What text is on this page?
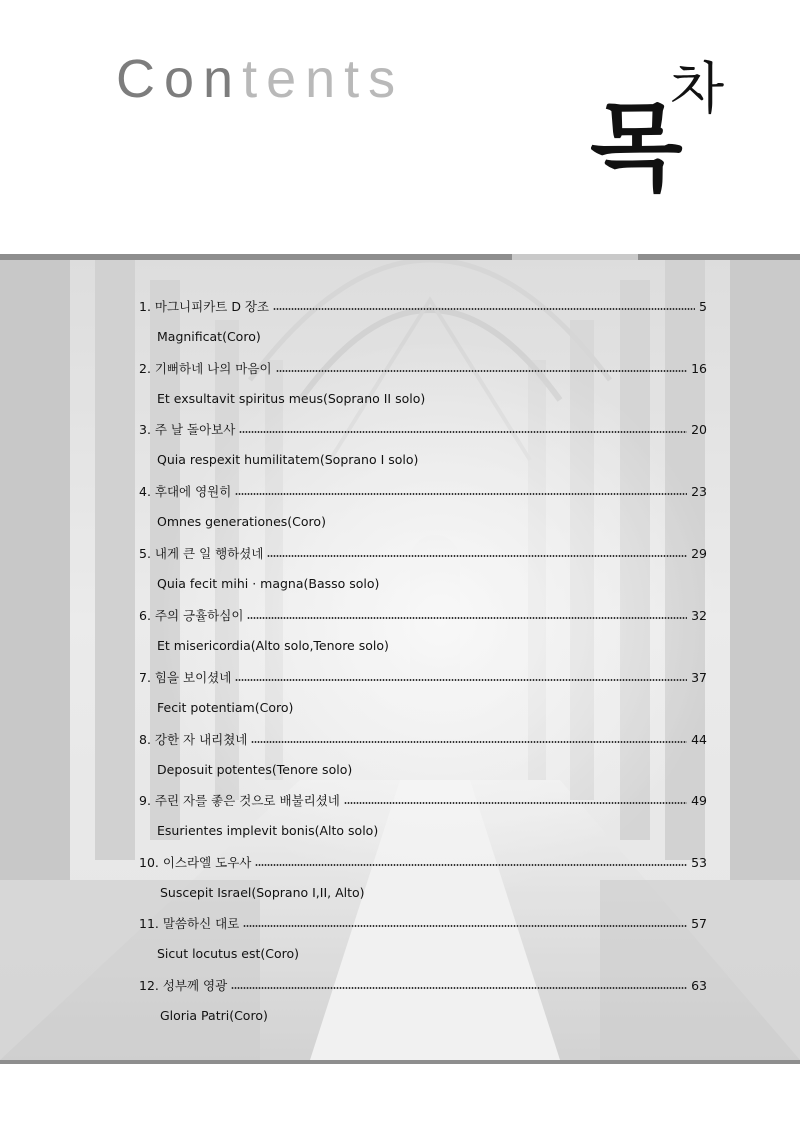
Contents
목
차
1. 마그니피카트 D 장조	5
Magnificat(Coro)
2. 기뻐하네 나의 마음이	16
Et exsultavit spiritus meus(Soprano II solo)
3. 주 날 돌아보사	20
Quia respexit humilitatem(Soprano I solo)
4. 후대에 영원히	23
Omnes generationes(Coro)
5. 내게 큰 일 행하셨네	29
Quia fecit mihi · magna(Basso solo)
6. 주의 긍휼하심이	32
Et misericordia(Alto solo,Tenore solo)
7. 힘을 보이셨네	37
Fecit potentiam(Coro)
8. 강한 자 내리쳤네	44
Deposuit potentes(Tenore solo)
9. 주린 자를 좋은 것으로 배불리셨네	49
Esurientes implevit bonis(Alto solo)
10. 이스라엘 도우사	53
Suscepit Israel(Soprano I,II, Alto)
11. 말씀하신 대로	57
Sicut locutus est(Coro)
12. 성부께 영광	63
Gloria Patri(Coro)
